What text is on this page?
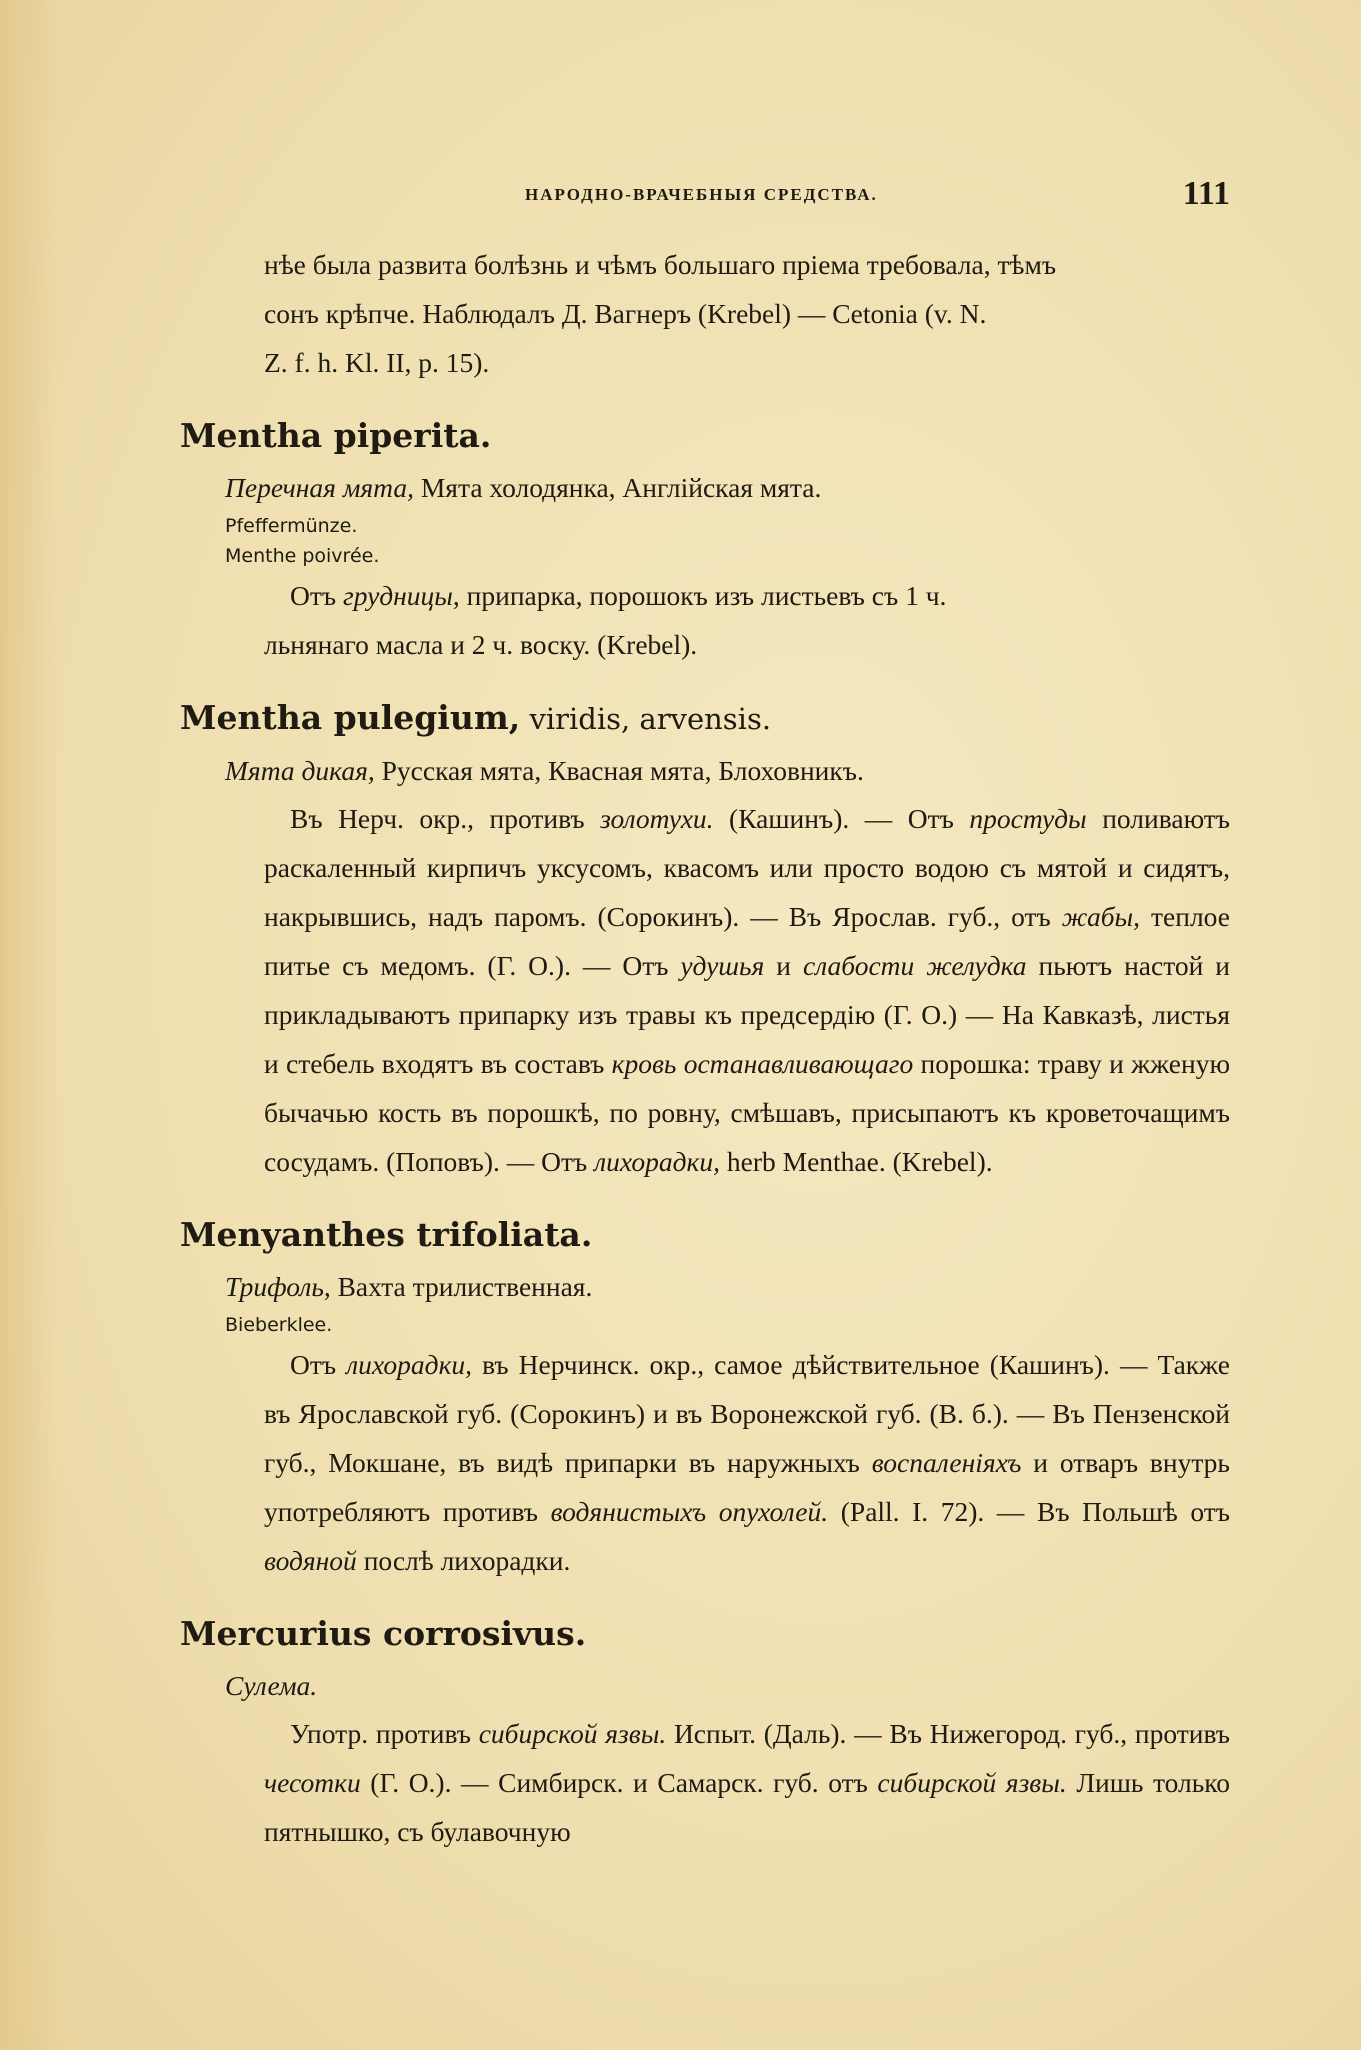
НАРОДНО-ВРАЧЕБНЫЯ СРЕДСТВА.	111

нѣе была развита болѣзнь и чѣмъ большаго пріема требовала, тѣмъ

сонъ крѣпче. Наблюдалъ Д. Вагнеръ (Krebel) — Cetonia (v. N.

Z. f. h. Kl. II, p. 15).

Mentha piperita.

Перечная мята, Мята холодянка, Англійская мята.

Pfeffermünze.

Menthe poivrée.

Отъ грудницы, припарка, порошокъ изъ листьевъ съ 1 ч.

льнянаго масла и 2 ч. воску. (Krebel).

Mentha pulegium, viridis, arvensis.

Мята дикая, Русская мята, Квасная мята, Блоховникъ.

Въ Нерч. окр., противъ золотухи. (Кашинъ). — Отъ простуды поливаютъ раскаленный кирпичъ уксусомъ, квасомъ или просто водою съ мятой и сидятъ, накрывшись, надъ паромъ. (Сорокинъ). — Въ Ярослав. губ., отъ жабы, теплое питье съ медомъ. (Г. О.). — Отъ удушья и слабости желудка пьютъ настой и прикладываютъ припарку изъ травы къ предсердію (Г. О.) — На Кавказѣ, листья и стебель входятъ въ составъ кровь останавливающаго порошка: траву и жженую бычачью кость въ порошкѣ, по ровну, смѣшавъ, присыпаютъ къ кроветочащимъ сосудамъ. (Поповъ). — Отъ лихорадки, herb Menthae. (Krebel).

Menyanthes trifoliata.

Трифоль, Вахта трилиственная.

Bieberklee.

Отъ лихорадки, въ Нерчинск. окр., самое дѣйствительное (Кашинъ). — Также въ Ярославской губ. (Сорокинъ) и въ Воронежской губ. (В. б.). — Въ Пензенской губ., Мокшане, въ видѣ припарки въ наружныхъ воспаленіяхъ и отваръ внутрь употребляютъ противъ водянистыхъ опухолей. (Pall. I. 72). — Въ Польшѣ отъ водяной послѣ лихорадки.

Mercurius corrosivus.

Сулема.

Употр. противъ сибирской язвы. Испыт. (Даль). — Въ Нижегород. губ., противъ чесотки (Г. О.). — Симбирск. и Самарск. губ. отъ сибирской язвы. Лишь только пятнышко, съ булавочную
